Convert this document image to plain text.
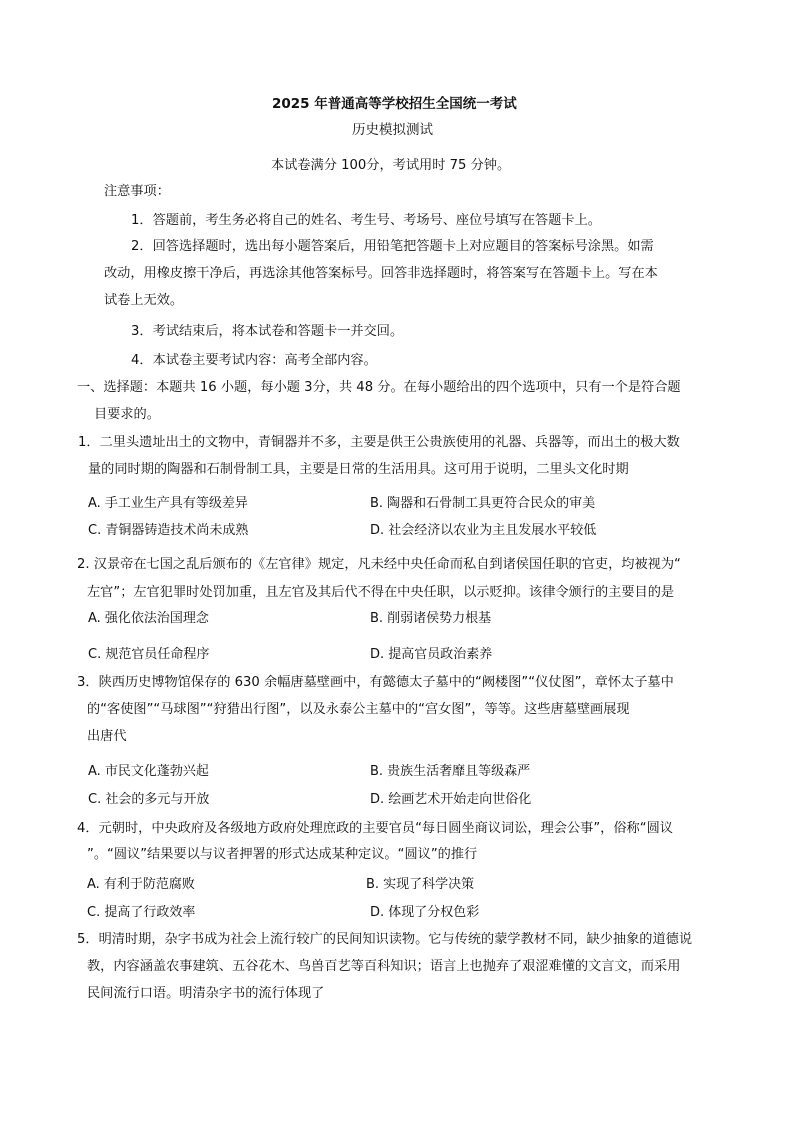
2025 年普通高等学校招生全国统一考试
历史模拟测试
本试卷满分 100分，考试用时 75 分钟。
注意事项：
1．答题前，考生务必将自己的姓名、考生号、考场号、座位号填写在答题卡上。
2．回答选择题时，选出每小题答案后，用铅笔把答题卡上对应题目的答案标号涂黑。如需
改动，用橡皮擦干净后，再选涂其他答案标号。回答非选择题时，将答案写在答题卡上。写在本
试卷上无效。
3．考试结束后，将本试卷和答题卡一并交回。
4．本试卷主要考试内容：高考全部内容。
一、选择题：本题共 16 小题，每小题 3分，共 48 分。在每小题给出的四个选项中，只有一个是符合题
目要求的。
1．二里头遗址出土的文物中，青铜器并不多，主要是供王公贵族使用的礼器、兵器等，而出土的极大数
量的同时期的陶器和石制骨制工具，主要是日常的生活用具。这可用于说明，二里头文化时期
A. 手工业生产具有等级差异	B. 陶器和石骨制工具更符合民众的审美
C. 青铜器铸造技术尚未成熟	D. 社会经济以农业为主且发展水平较低
2. 汉景帝在七国之乱后颁布的《左官律》规定，凡未经中央任命而私自到诸侯国任职的官吏，均被视为“
左官”；左官犯罪时处罚加重，且左官及其后代不得在中央任职，以示贬抑。该律令颁行的主要目的是
A. 强化依法治国理念	B. 削弱诸侯势力根基
C. 规范官员任命程序	D. 提高官员政治素养
3．陕西历史博物馆保存的 630 余幅唐墓壁画中，有懿德太子墓中的“阙楼图”“仪仗图”，章怀太子墓中
的“客使图”“马球图”“狩猎出行图”，以及永泰公主墓中的“宫女图”，等等。这些唐墓壁画展现
出唐代
A. 市民文化蓬勃兴起	B. 贵族生活奢靡且等级森严
C. 社会的多元与开放	D. 绘画艺术开始走向世俗化
4．元朝时，中央政府及各级地方政府处理庶政的主要官员“每日圆坐商议词讼，理会公事”，俗称“圆议
”。“圆议”结果要以与议者押署的形式达成某种定议。“圆议”的推行
A. 有利于防范腐败	B. 实现了科学决策
C. 提高了行政效率	D. 体现了分权色彩
5．明清时期，杂字书成为社会上流行较广的民间知识读物。它与传统的蒙学教材不同，缺少抽象的道德说
教，内容涵盖农事建筑、五谷花木、鸟兽百艺等百科知识；语言上也抛弃了艰涩难懂的文言文，而采用
民间流行口语。明清杂字书的流行体现了
